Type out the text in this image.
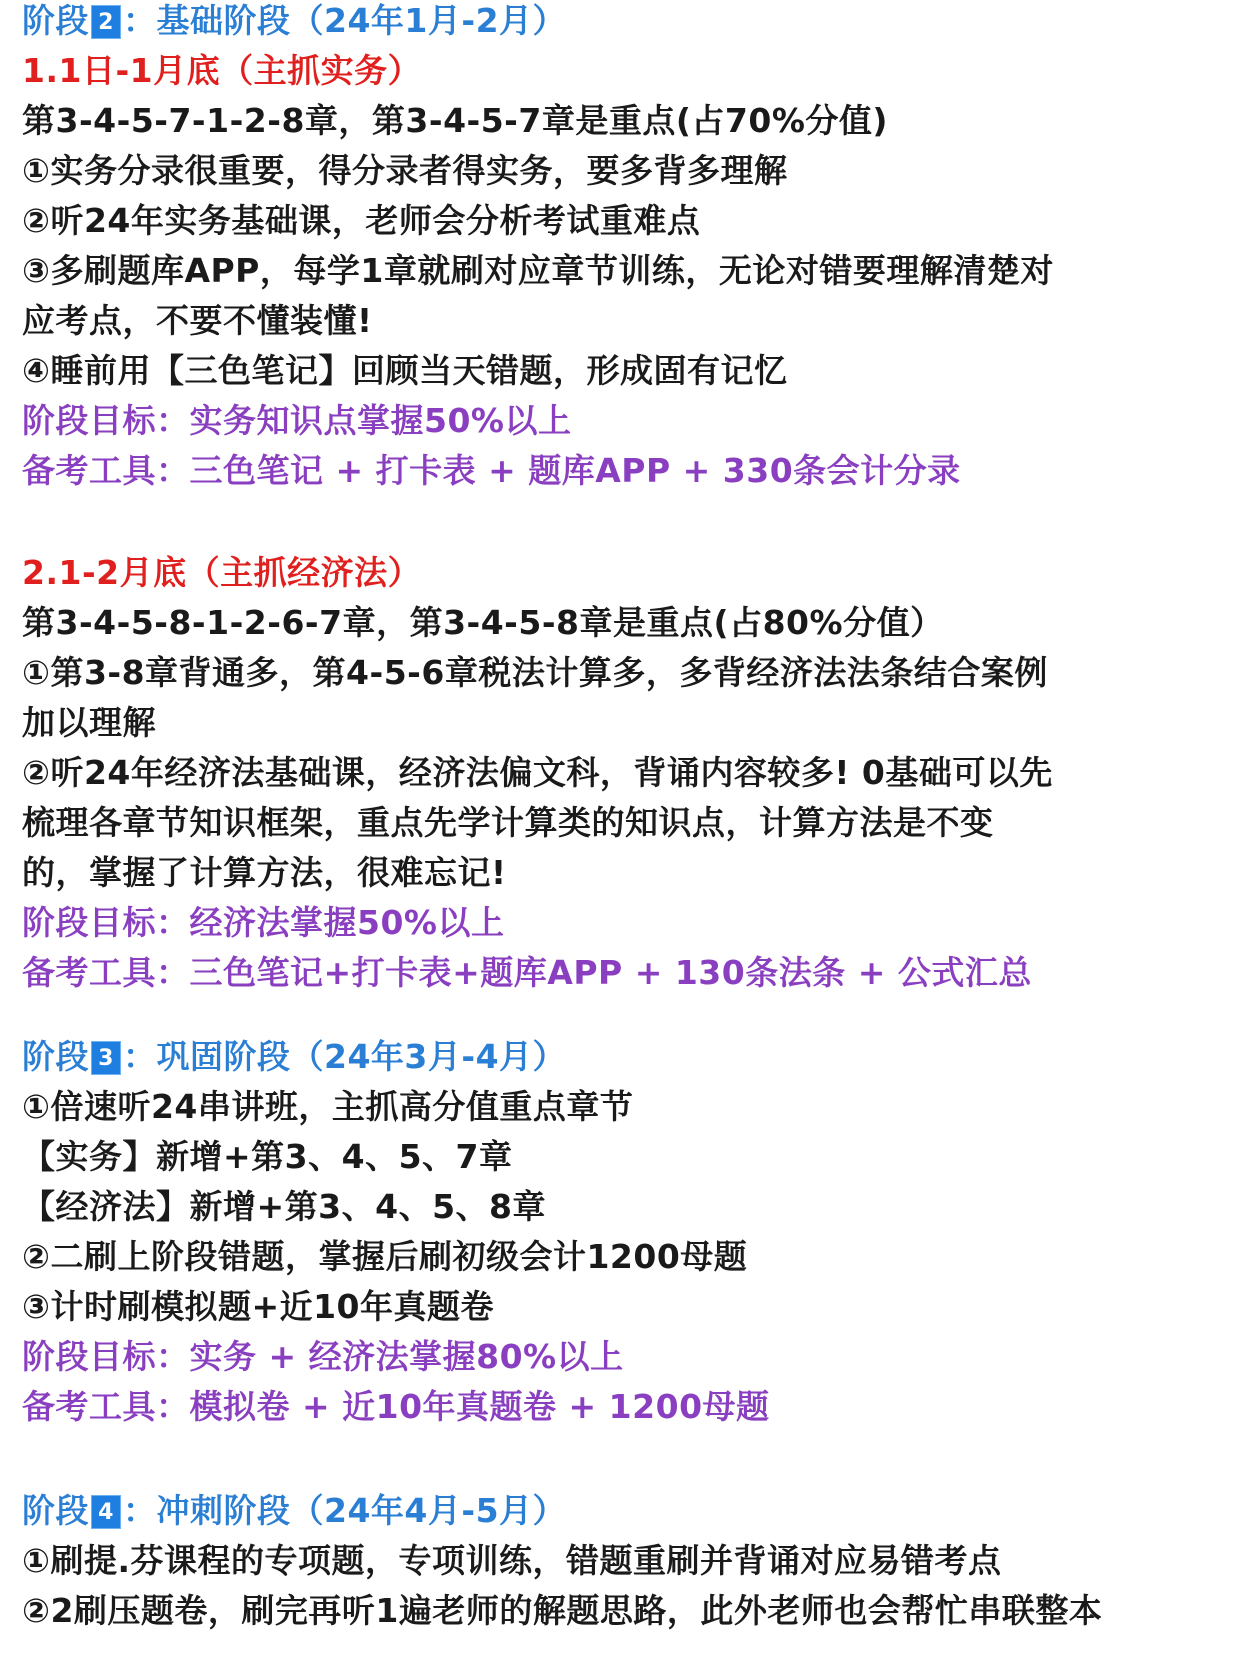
阶段 2 ：基础阶段（24年1月-2月）
1.1日-1月底（主抓实务）
第3-4-5-7-1-2-8章，第3-4-5-7章是重点(占70%分值)
①实务分录很重要，得分录者得实务，要多背多理解
②听24年实务基础课，老师会分析考试重难点
③多刷题库APP，每学1章就刷对应章节训练，无论对错要理解清楚对
应考点，不要不懂装懂!
④睡前用【三色笔记】回顾当天错题，形成固有记忆
阶段目标：实务知识点掌握50%以上
备考工具：三色笔记 + 打卡表 + 题库APP + 330条会计分录
2.1-2月底（主抓经济法）
第3-4-5-8-1-2-6-7章，第3-4-5-8章是重点(占80%分值）
①第3-8章背通多，第4-5-6章税法计算多，多背经济法法条结合案例
加以理解
②听24年经济法基础课，经济法偏文科，背诵内容较多! 0基础可以先
梳理各章节知识框架，重点先学计算类的知识点，计算方法是不变
的，掌握了计算方法，很难忘记!
阶段目标：经济法掌握50%以上
备考工具：三色笔记+打卡表+题库APP + 130条法条 + 公式汇总
阶段 3 ：巩固阶段（24年3月-4月）
①倍速听24串讲班，主抓高分值重点章节
【实务】新增+第3、4、5、7章
【经济法】新增+第3、4、5、8章
②二刷上阶段错题，掌握后刷初级会计1200母题
③计时刷模拟题+近10年真题卷
阶段目标：实务 + 经济法掌握80%以上
备考工具：模拟卷 + 近10年真题卷 + 1200母题
阶段 4 ：冲刺阶段（24年4月-5月）
①刷提.芬课程的专项题，专项训练，错题重刷并背诵对应易错考点
②2刷压题卷，刷完再听1遍老师的解题思路，此外老师也会帮忙串联整本
